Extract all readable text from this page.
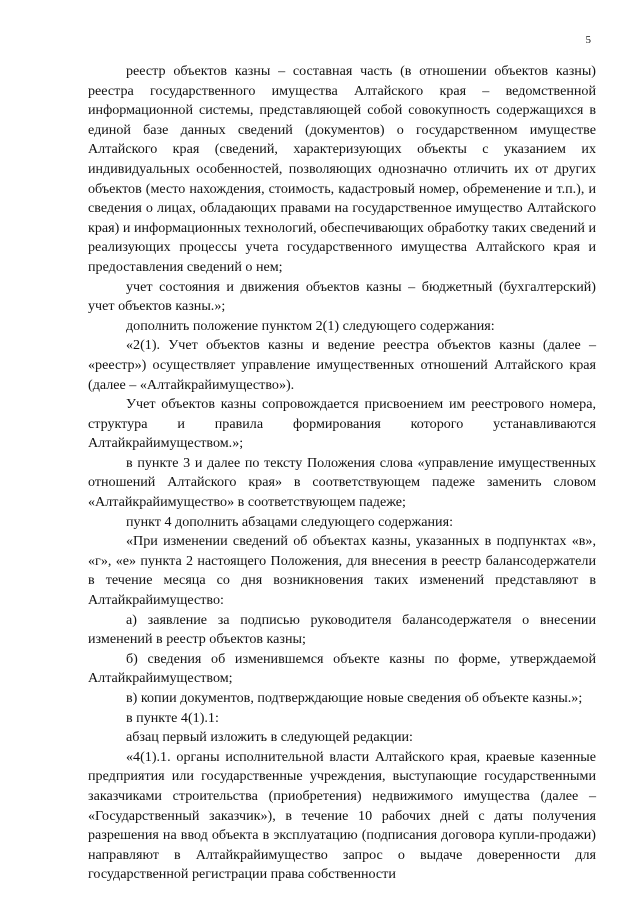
5

реестр объектов казны – составная часть (в отношении объектов казны) реестра государственного имущества Алтайского края – ведомственной информационной системы, представляющей собой совокупность содержащихся в единой базе данных сведений (документов) о государственном имуществе Алтайского края (сведений, характеризующих объекты с указанием их индивидуальных особенностей, позволяющих однозначно отличить их от других объектов (место нахождения, стоимость, кадастровый номер, обременение и т.п.), и сведения о лицах, обладающих правами на государственное имущество Алтайского края) и информационных технологий, обеспечивающих обработку таких сведений и реализующих процессы учета государственного имущества Алтайского края и предоставления сведений о нем;

учет состояния и движения объектов казны – бюджетный (бухгалтерский) учет объектов казны.»;

дополнить положение пунктом 2(1) следующего содержания:

«2(1). Учет объектов казны и ведение реестра объектов казны (далее – «реестр») осуществляет управление имущественных отношений Алтайского края (далее – «Алтайкрайимущество»).

Учет объектов казны сопровождается присвоением им реестрового номера, структура и правила формирования которого устанавливаются Алтайкрайимуществом.»;

в пункте 3 и далее по тексту Положения слова «управление имущественных отношений Алтайского края» в соответствующем падеже заменить словом «Алтайкрайимущество» в соответствующем падеже;

пункт 4 дополнить абзацами следующего содержания:

«При изменении сведений об объектах казны, указанных в подпунктах «в», «г», «е» пункта 2 настоящего Положения, для внесения в реестр балансодержатели в течение месяца со дня возникновения таких изменений представляют в Алтайкрайимущество:

а) заявление за подписью руководителя балансодержателя о внесении изменений в реестр объектов казны;

б) сведения об изменившемся объекте казны по форме, утверждаемой Алтайкрайимуществом;

в) копии документов, подтверждающие новые сведения об объекте казны.»;

в пункте 4(1).1:

абзац первый изложить в следующей редакции:

«4(1).1. органы исполнительной власти Алтайского края, краевые казенные предприятия или государственные учреждения, выступающие государственными заказчиками строительства (приобретения) недвижимого имущества (далее – «Государственный заказчик»), в течение 10 рабочих дней с даты получения разрешения на ввод объекта в эксплуатацию (подписания договора купли-продажи) направляют в Алтайкрайимущество запрос о выдаче доверенности для государственной регистрации права собственности
